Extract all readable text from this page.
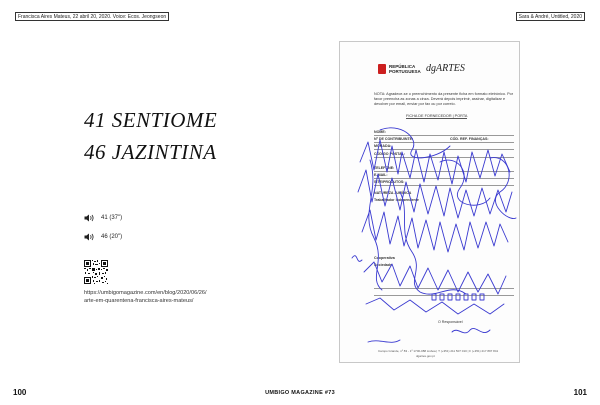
Francisca Aires Mateus, 22 abril 20, 2020. Voice: Ecos. Jeongseon	Sara & André, Untitled, 2020
41 SENTIOME
46 JAZINTINA
41 (37")
46 (20")
https://umbigomagazine.com/en/blog/2020/06/26/
arte-em-quarentena-francisca-aires-mateus/
100	UMBIGO MAGAZINE #73	101
REPÚBLICA
PORTUGUESA dgARTES
NOTA: Agradece-se o preenchimento da presente ficha em formato eletrónico. Por favor preencha as zonas a cinza. Deverá depois imprimir, assinar, digitalizar e devolver por email, enviar por fax ou por correio.
FICHA DE FORNECEDOR | PORTA
NOME:
Nº DE CONTRIBUINTE:	CÓD. REF. FINANÇAS:
MORADA:
CÓDIGO POSTAL:
TELEFONE:
E-MAIL:
SITE/PRODUTOS:
NATUREZA JURÍDICA
Trabalhador independente
Cooperativa
Sociedade
O Responsável
Campo Grande, nº 83 - 1º 1700-088 Lisboa | T (+351) 211 507 010 | F (+351) 217 897 841
dgartes.gov.pt
